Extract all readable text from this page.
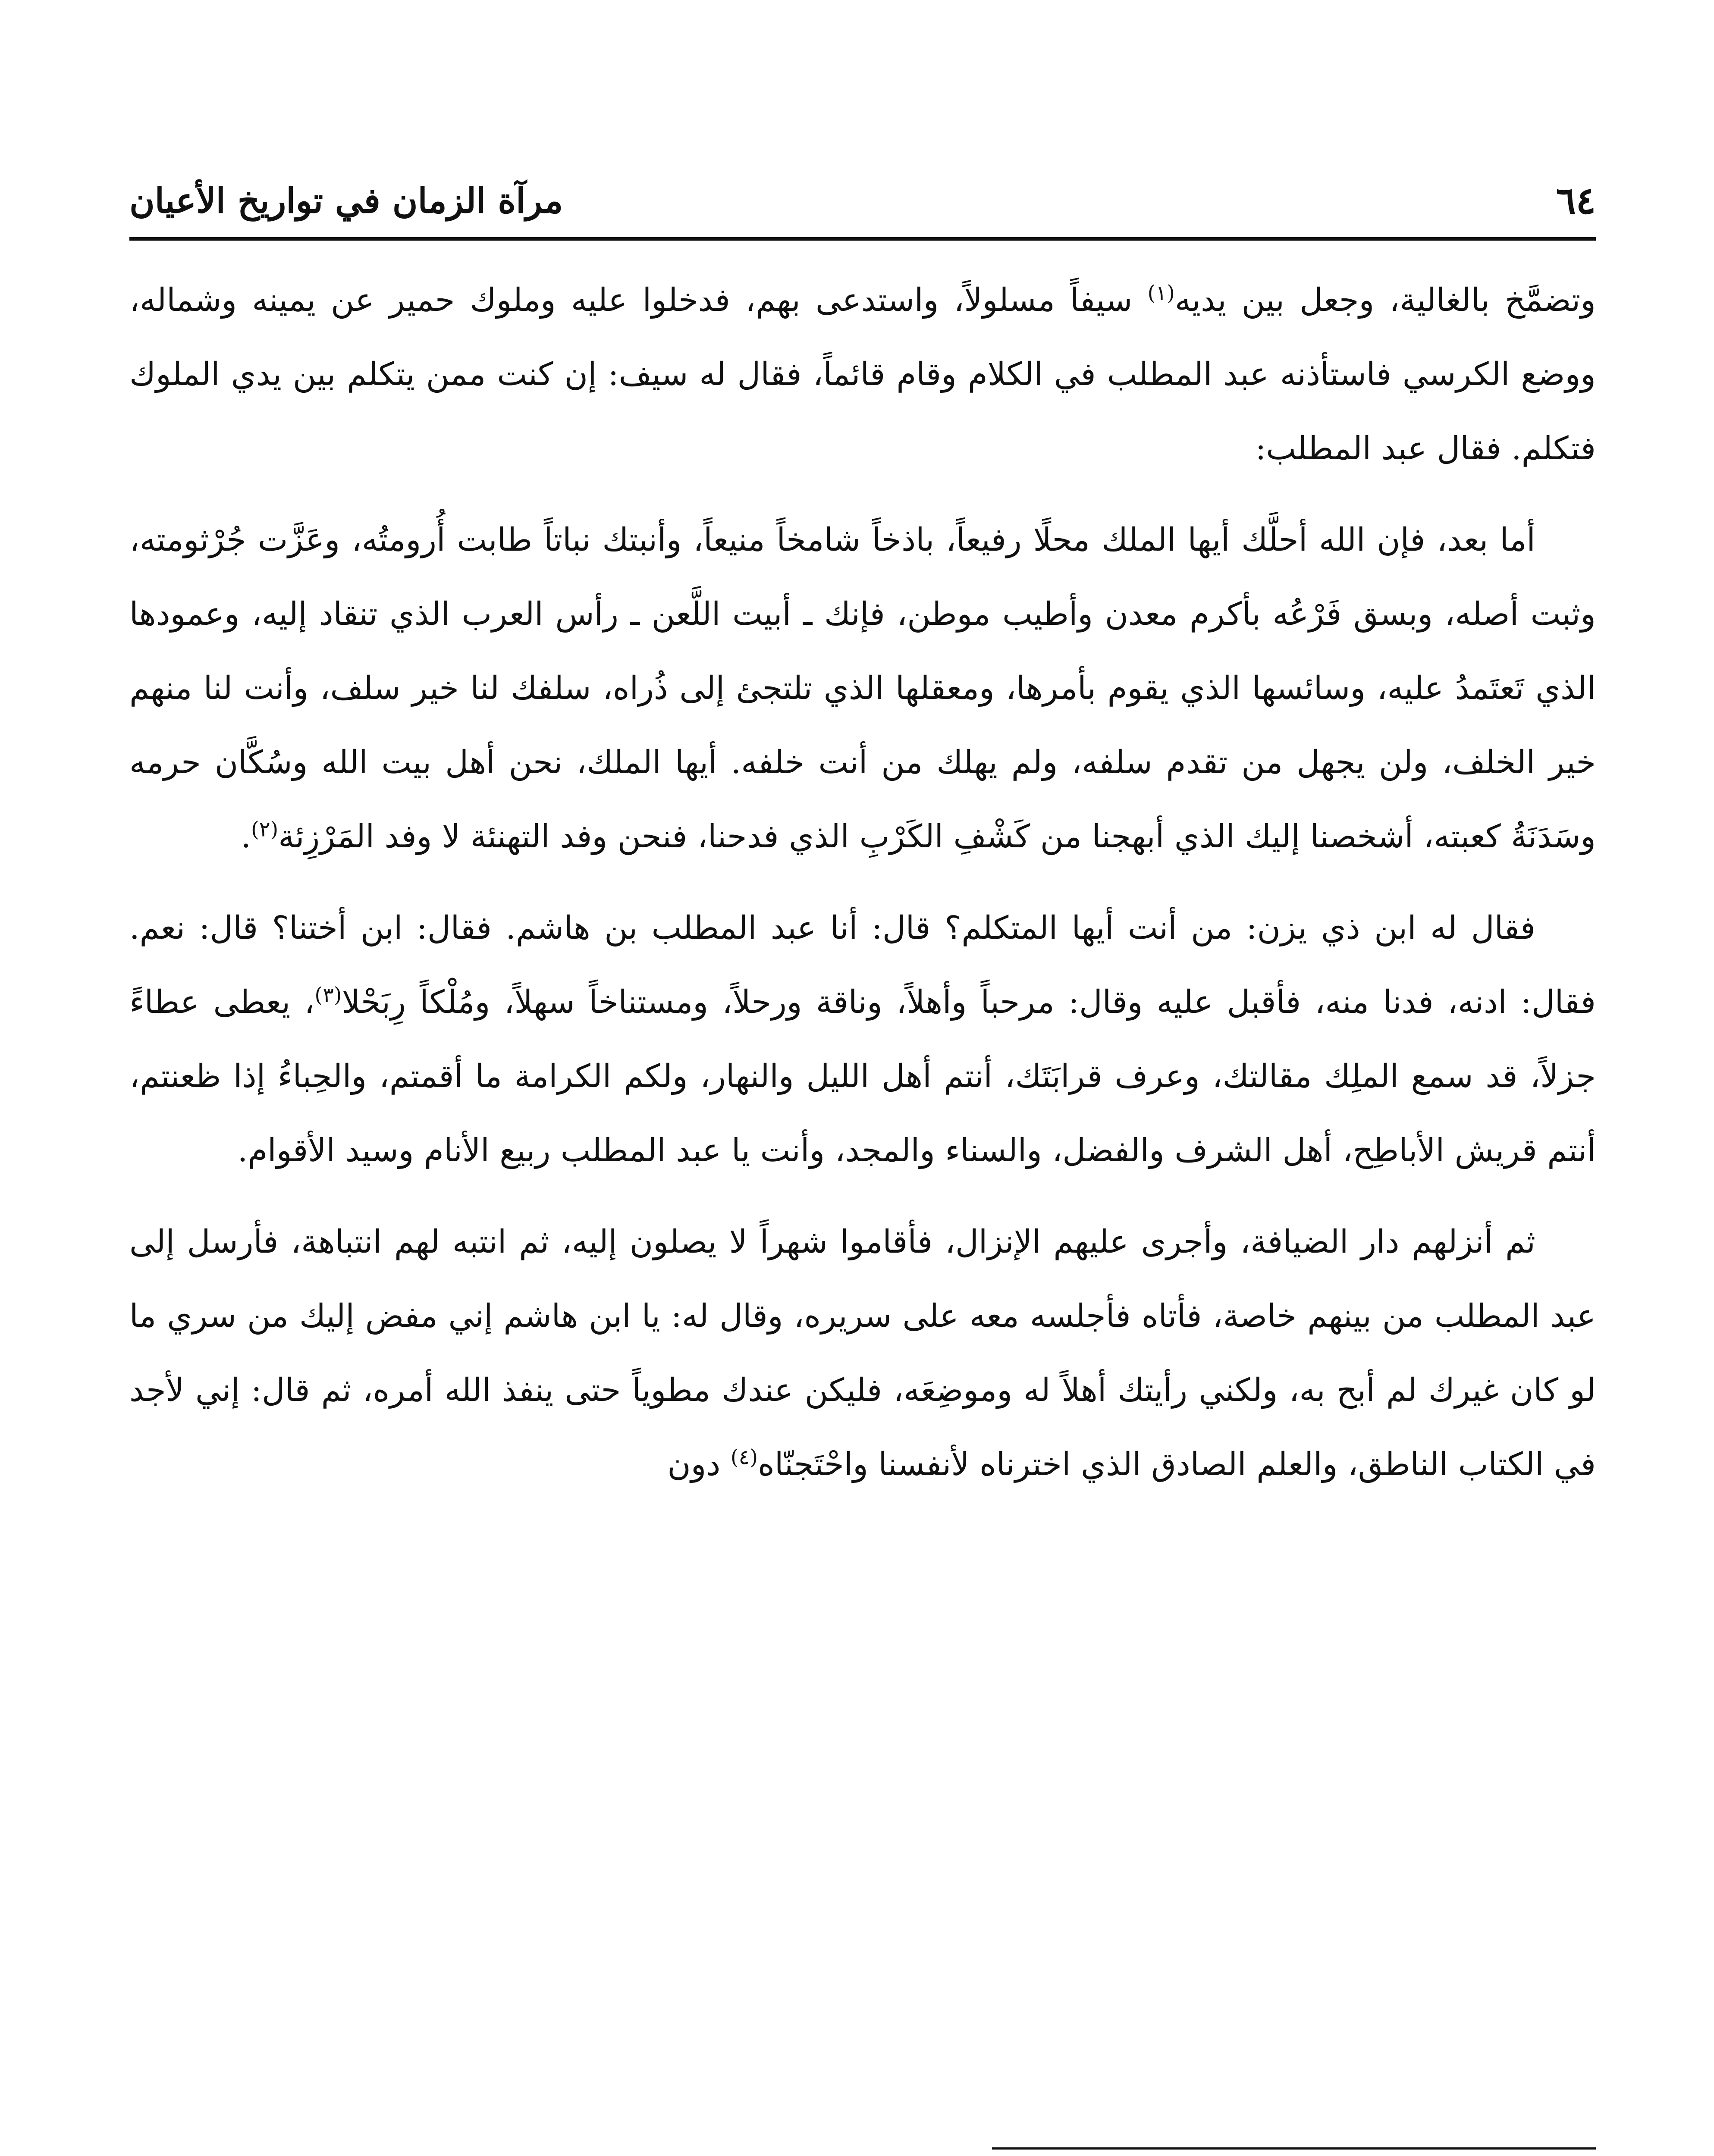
٦٤
مرآة الزمان في تواريخ الأعيان

وتضمَّخ بالغالية، وجعل بين يديه$^{(١)}$ سيفاً مسلولاً، واستدعى بهم، فدخلوا عليه وملوك حمير عن يمينه وشماله، ووضع الكرسي فاستأذنه عبد المطلب في الكلام وقام قائماً، فقال له سيف: إن كنت ممن يتكلم بين يدي الملوك فتكلم. فقال عبد المطلب:

أما بعد، فإن الله أحلَّك أيها الملك محلًا رفيعاً، باذخاً شامخاً منيعاً، وأنبتك نباتاً طابت أُرومتُه، وعَزَّت جُرْثومته، وثبت أصله، وبسق فَرْعُه بأكرم معدن وأطيب موطن، فإنك ـ أبيت اللَّعن ـ رأس العرب الذي تنقاد إليه، وعمودها الذي تَعتَمدُ عليه، وسائسها الذي يقوم بأمرها، ومعقلها الذي تلتجئ إلى ذُراه، سلفك لنا خير سلف، وأنت لنا منهم خير الخلف، ولن يجهل من تقدم سلفه، ولم يهلك من أنت خلفه. أيها الملك، نحن أهل بيت الله وسُكَّان حرمه وسَدَنَةُ كعبته، أشخصنا إليك الذي أبهجنا من كَشْفِ الكَرْبِ الذي فدحنا، فنحن وفد التهنئة لا وفد المَرْزِئة$^{(٢)}$.

فقال له ابن ذي يزن: من أنت أيها المتكلم؟ قال: أنا عبد المطلب بن هاشم. فقال: ابن أختنا؟ قال: نعم. فقال: ادنه، فدنا منه، فأقبل عليه وقال: مرحباً وأهلاً، وناقة ورحلاً، ومستناخاً سهلاً، ومُلْكاً رِبَحْلا$^{(٣)}$، يعطى عطاءً جزلاً، قد سمع الملِك مقالتك، وعرف قرابَتَك، أنتم أهل الليل والنهار، ولكم الكرامة ما أقمتم، والحِباءُ إذا ظعنتم، أنتم قريش الأباطِح، أهل الشرف والفضل، والسناء والمجد، وأنت يا عبد المطلب ربيع الأنام وسيد الأقوام.

ثم أنزلهم دار الضيافة، وأجرى عليهم الإنزال، فأقاموا شهراً لا يصلون إليه، ثم انتبه لهم انتباهة، فأرسل إلى عبد المطلب من بينهم خاصة، فأتاه فأجلسه معه على سريره، وقال له: يا ابن هاشم إني مفض إليك من سري ما لو كان غيرك لم أبح به، ولكني رأيتك أهلاً له وموضِعَه، فليكن عندك مطوياً حتى ينفذ الله أمره، ثم قال: إني لأجد في الكتاب الناطق، والعلم الصادق الذي اخترناه لأنفسنا واحْتَجنّاه$^{(٤)}$ دون
